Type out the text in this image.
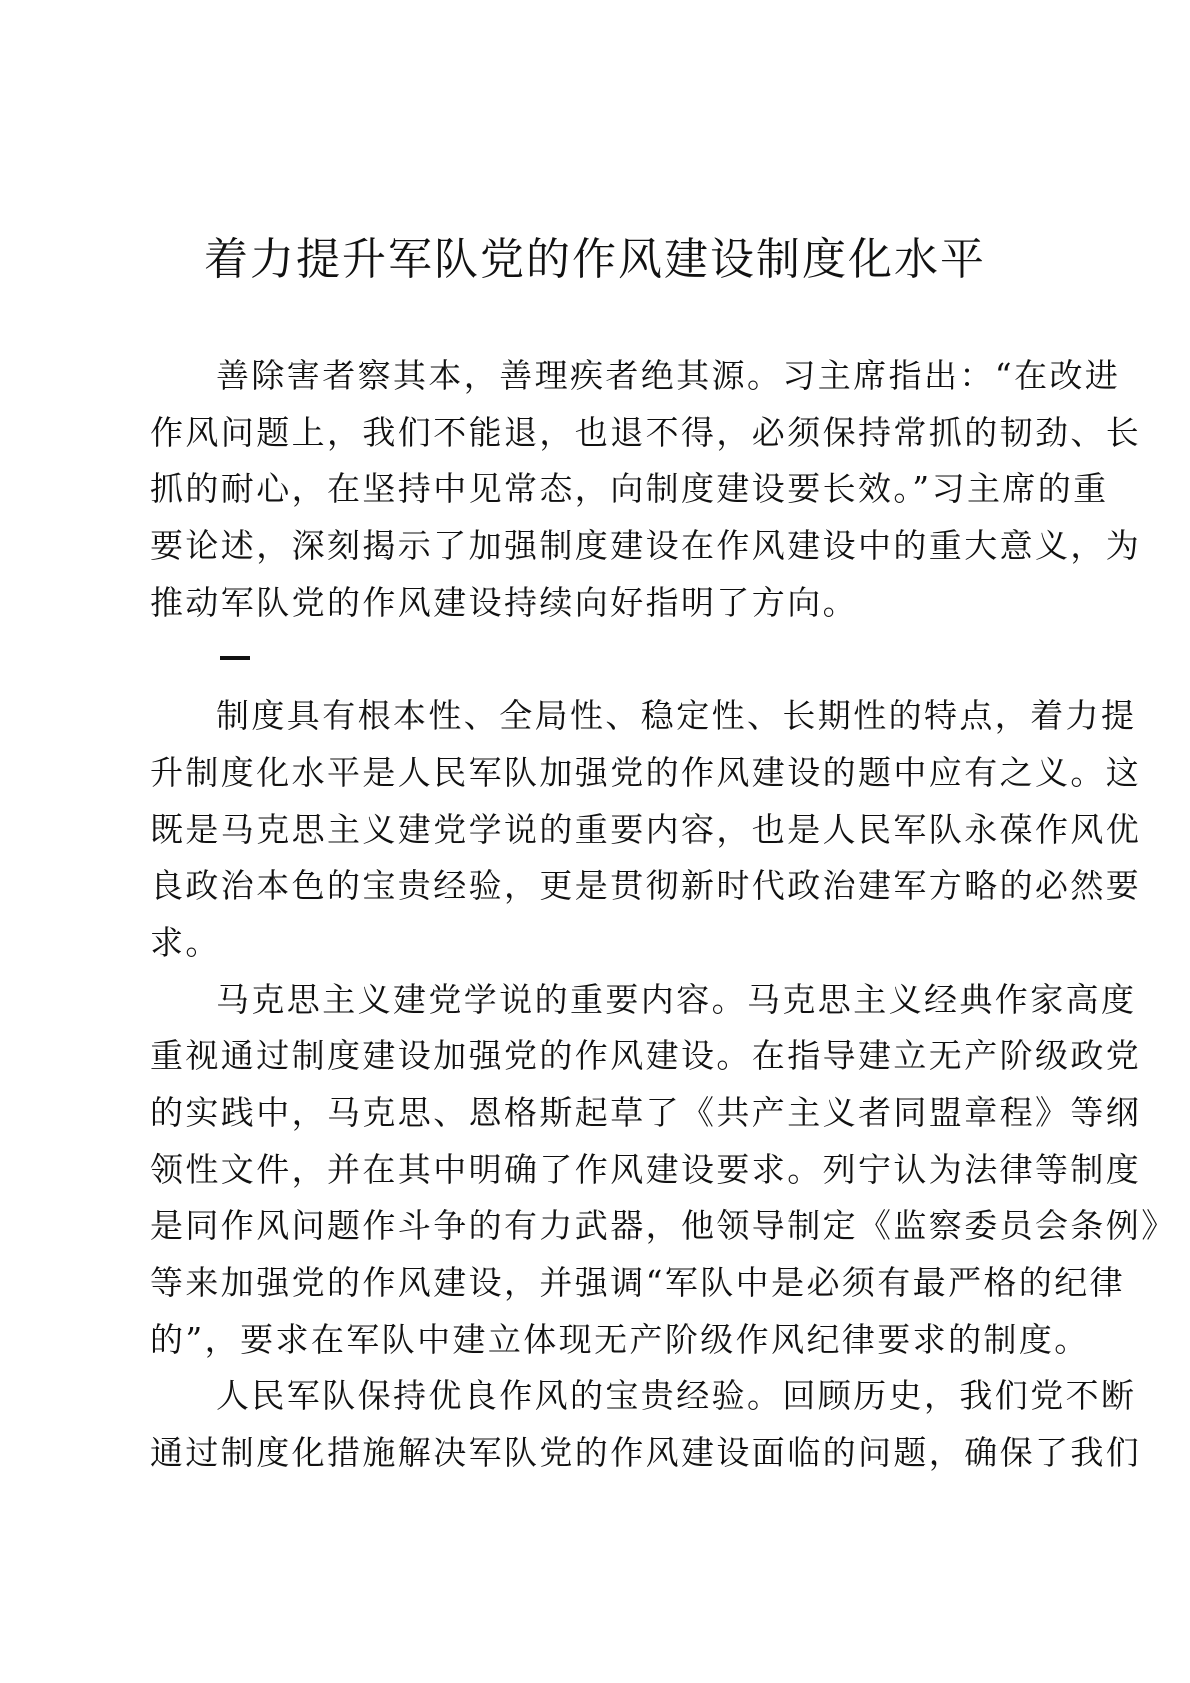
着力提升军队党的作风建设制度化水平
善除害者察其本，善理疾者绝其源。习主席指出：“在改进
作风问题上，我们不能退，也退不得，必须保持常抓的韧劲、长
抓的耐心，在坚持中见常态，向制度建设要长效。”习主席的重
要论述，深刻揭示了加强制度建设在作风建设中的重大意义，为
推动军队党的作风建设持续向好指明了方向。
制度具有根本性、全局性、稳定性、长期性的特点，着力提
升制度化水平是人民军队加强党的作风建设的题中应有之义。这
既是马克思主义建党学说的重要内容，也是人民军队永葆作风优
良政治本色的宝贵经验，更是贯彻新时代政治建军方略的必然要
求。
马克思主义建党学说的重要内容。马克思主义经典作家高度
重视通过制度建设加强党的作风建设。在指导建立无产阶级政党
的实践中，马克思、恩格斯起草了《共产主义者同盟章程》等纲
领性文件，并在其中明确了作风建设要求。列宁认为法律等制度
是同作风问题作斗争的有力武器，他领导制定《监察委员会条例》
等来加强党的作风建设，并强调“军队中是必须有最严格的纪律
的”，要求在军队中建立体现无产阶级作风纪律要求的制度。
人民军队保持优良作风的宝贵经验。回顾历史，我们党不断
通过制度化措施解决军队党的作风建设面临的问题，确保了我们
